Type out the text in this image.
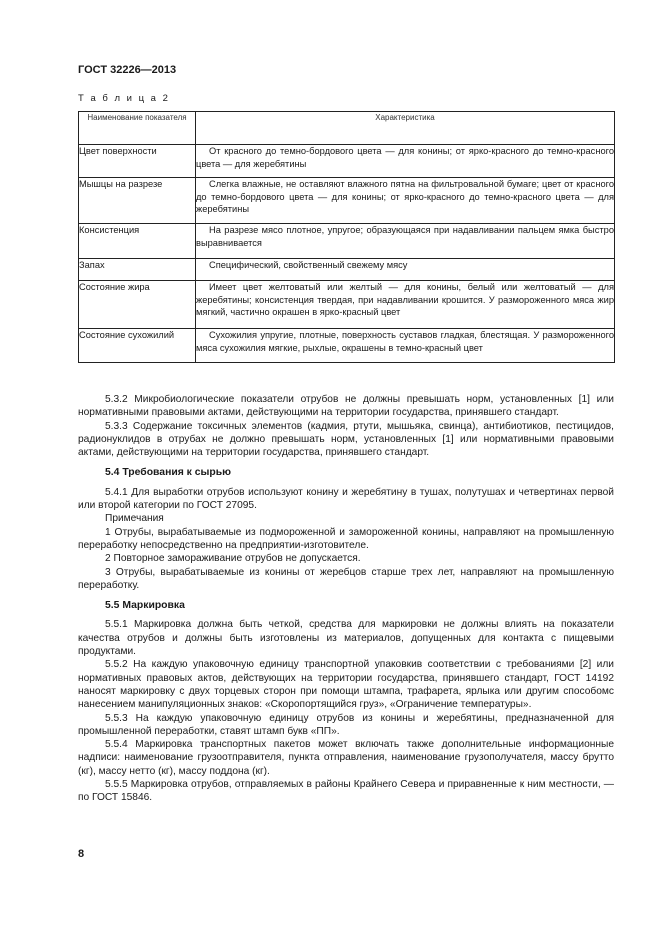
ГОСТ 32226—2013
Т а б л и ц а 2
Наименование показателя	Характеристика
Цвет поверхности	От красного до темно-бордового цвета — для конины; от ярко-красного до темно-красного цвета — для жеребятины

Мышцы на разрезе	Слегка влажные, не оставляют влажного пятна на фильтровальной бумаге; цвет от красного до темно-бордового цвета — для конины; от ярко-красного до темно-красного цвета — для жеребятины

Консистенция	На разрезе мясо плотное, упругое; образующаяся при надавливании пальцем ямка быстро выравнивается

Запах	Специфический, свойственный свежему мясу

Состояние жира	Имеет цвет желтоватый или желтый — для конины, белый или желтоватый — для жеребятины; консистенция твердая, при надавливании крошится. У размороженного мяса жир мягкий, частично окрашен в ярко-красный цвет

Состояние сухожилий	Сухожилия упругие, плотные, поверхность суставов гладкая, блестящая. У размороженного мяса сухожилия мягкие, рыхлые, окрашены в темно-красный цвет

5.3.2 Микробиологические показатели отрубов не должны превышать норм, установленных [1] или нормативными правовыми актами, действующими на территории государства, принявшего стандарт.

5.3.3 Содержание токсичных элементов (кадмия, ртути, мышьяка, свинца), антибиотиков, пестицидов, радионуклидов в отрубах не должно превышать норм, установленных [1] или нормативными правовыми актами, действующими на территории государства, принявшего стандарт.

5.4 Требования к сырью

5.4.1 Для выработки отрубов используют конину и жеребятину в тушах, полутушах и четвертинах первой или второй категории по ГОСТ 27095.

Примечания

1 Отрубы, вырабатываемые из подмороженной и замороженной конины, направляют на промышленную переработку непосредственно на предприятии-изготовителе.

2 Повторное замораживание отрубов не допускается.

3 Отрубы, вырабатываемые из конины от жеребцов старше трех лет, направляют на промышленную переработку.

5.5 Маркировка

5.5.1 Маркировка должна быть четкой, средства для маркировки не должны влиять на показатели качества отрубов и должны быть изготовлены из материалов, допущенных для контакта с пищевыми продуктами.

5.5.2 На каждую упаковочную единицу транспортной упаковкив соответствии с требованиями [2] или нормативных правовых актов, действующих на территории государства, принявшего стандарт, ГОСТ 14192 наносят маркировку с двух торцевых сторон при помощи штампа, трафарета, ярлыка или другим способомс нанесением манипуляционных знаков: «Скоропортящийся груз», «Ограничение температуры».

5.5.3 На каждую упаковочную единицу отрубов из конины и жеребятины, предназначенной для промышленной переработки, ставят штамп букв «ПП».

5.5.4 Маркировка транспортных пакетов может включать также дополнительные информационные надписи: наименование грузоотправителя, пункта отправления, наименование грузополучателя, массу брутто (кг), массу нетто (кг), массу поддона (кг).

5.5.5 Маркировка отрубов, отправляемых в районы Крайнего Севера и приравненные к ним местности, — по ГОСТ 15846.

8
